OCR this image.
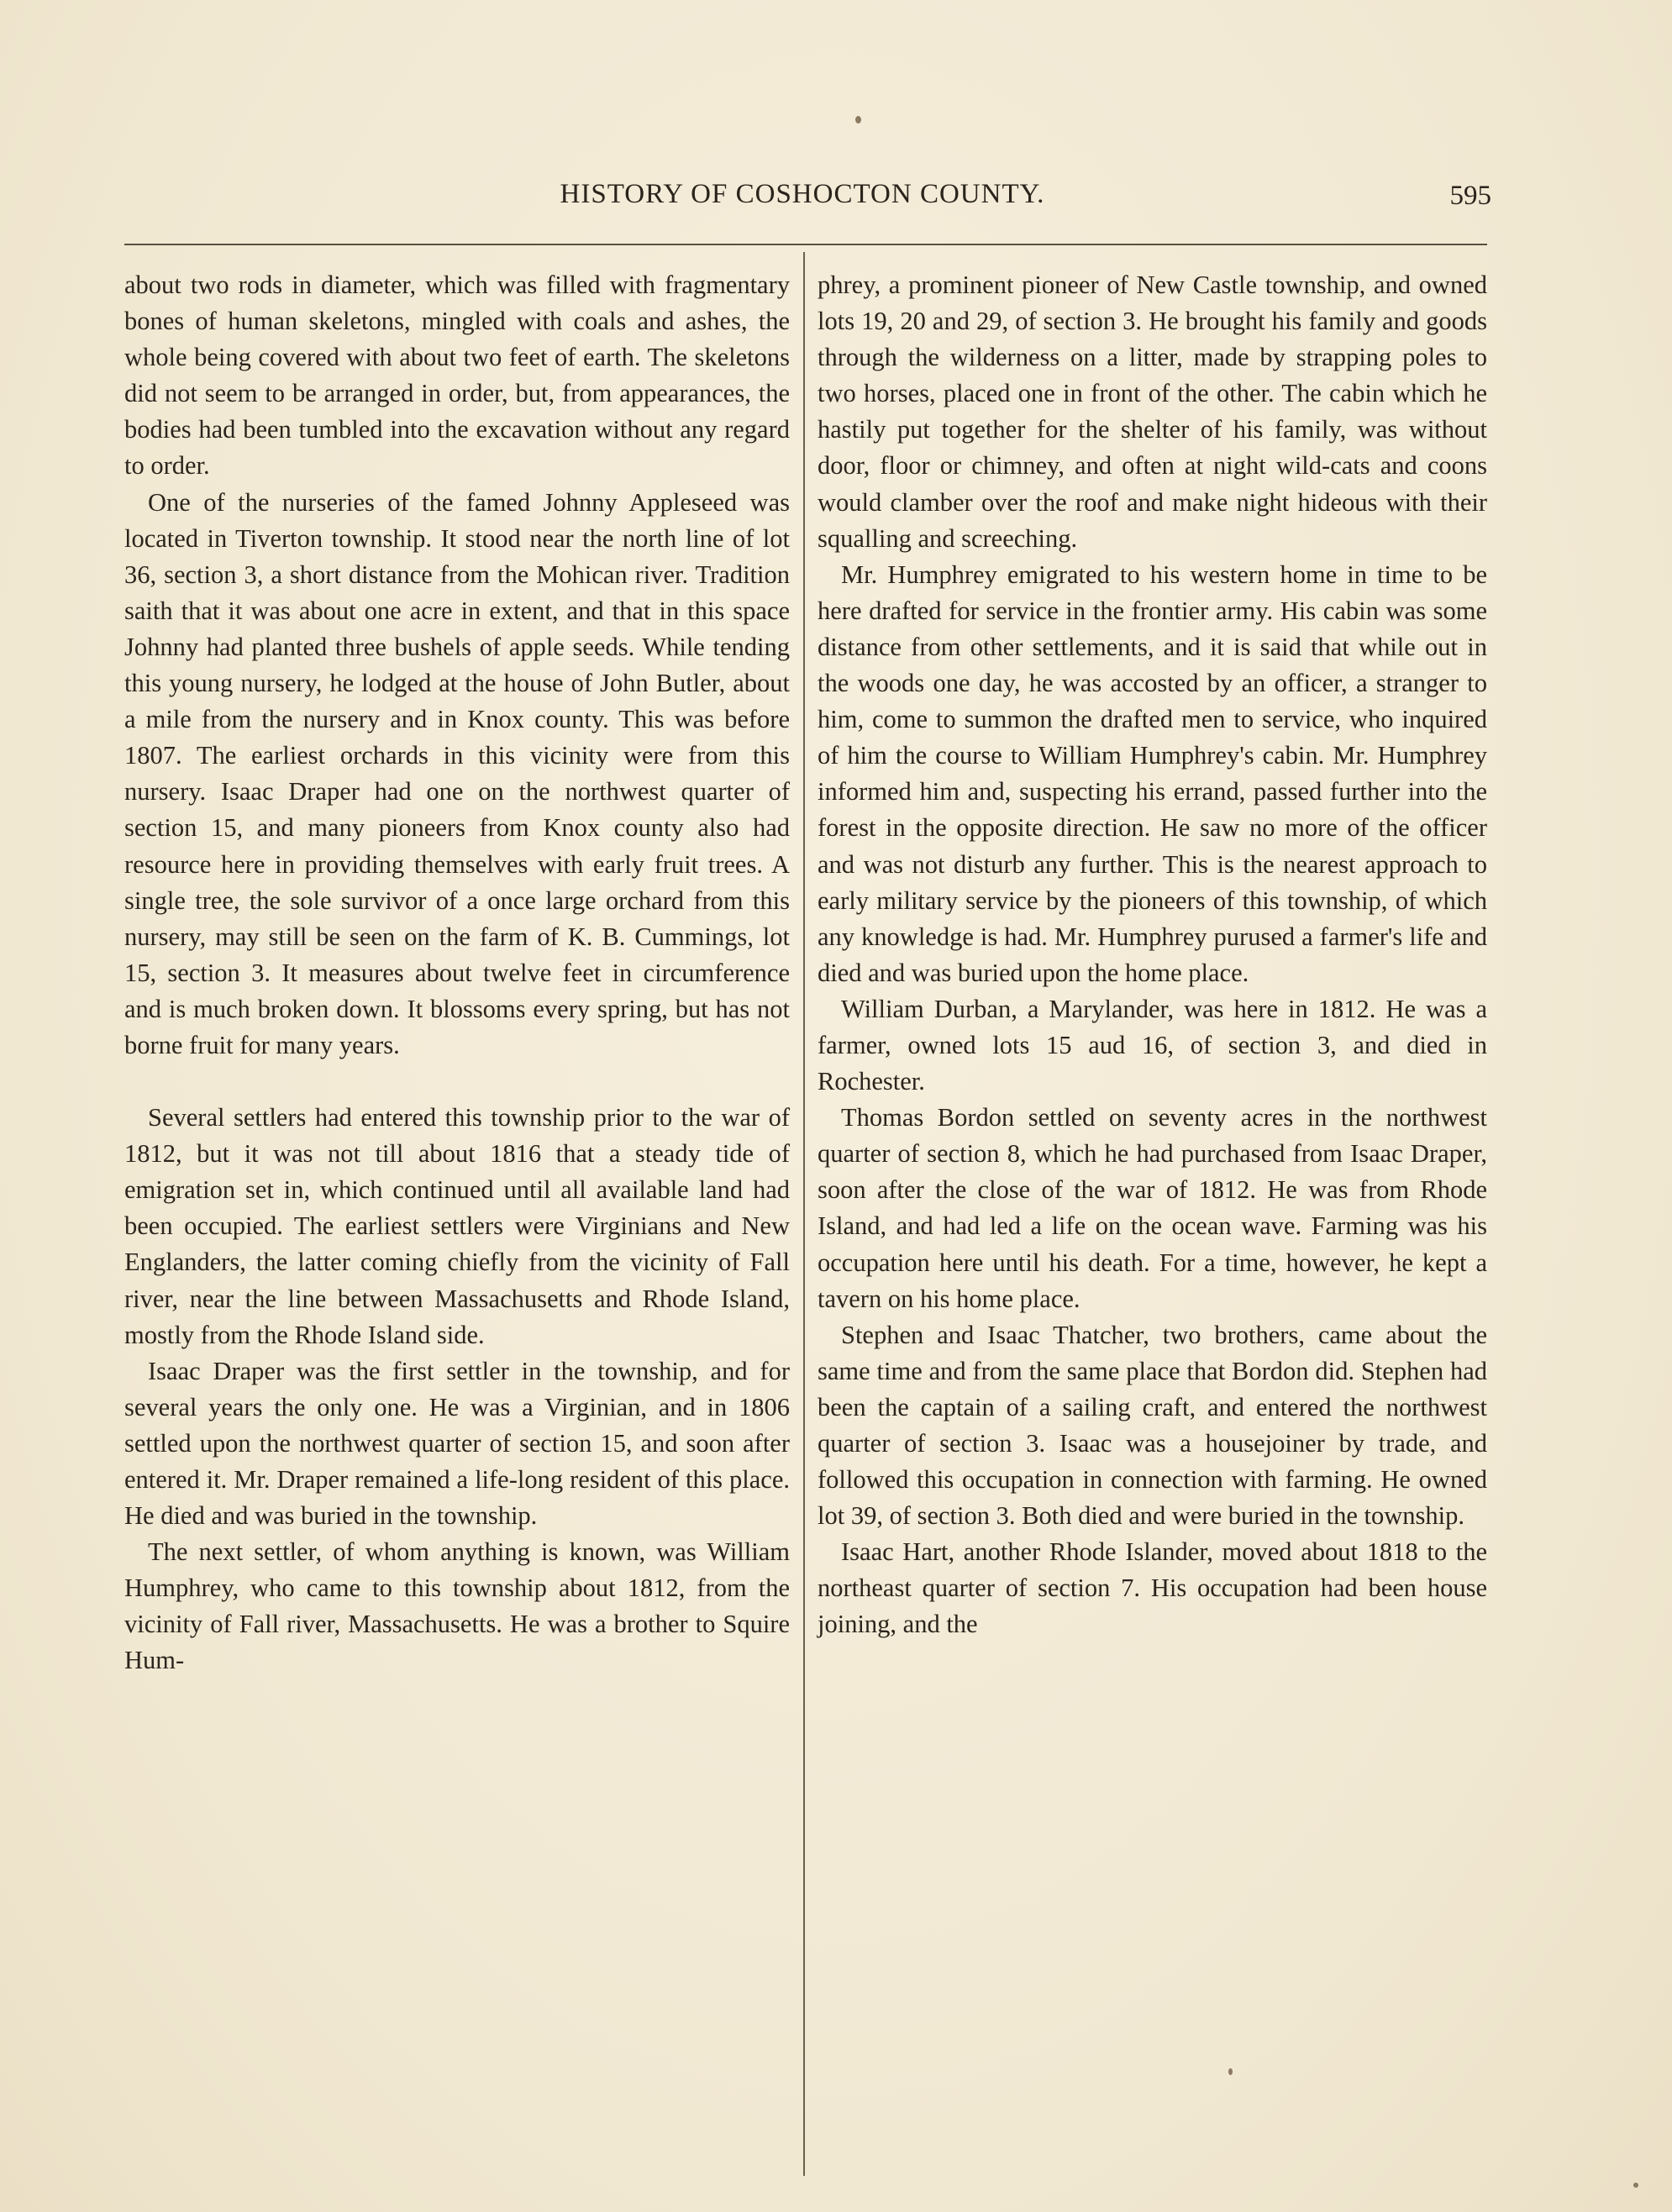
HISTORY OF COSHOCTON COUNTY.	595

about two rods in diameter, which was filled with fragmentary bones of human skeletons, mingled with coals and ashes, the whole being covered with about two feet of earth. The skeletons did not seem to be arranged in order, but, from appearances, the bodies had been tumbled into the excavation without any regard to order.

One of the nurseries of the famed Johnny Appleseed was located in Tiverton township. It stood near the north line of lot 36, section 3, a short distance from the Mohican river. Tradition saith that it was about one acre in extent, and that in this space Johnny had planted three bushels of apple seeds. While tending this young nursery, he lodged at the house of John Butler, about a mile from the nursery and in Knox county. This was before 1807. The earliest orchards in this vicinity were from this nursery. Isaac Draper had one on the northwest quarter of section 15, and many pioneers from Knox county also had resource here in providing themselves with early fruit trees. A single tree, the sole survivor of a once large orchard from this nursery, may still be seen on the farm of K. B. Cummings, lot 15, section 3. It measures about twelve feet in circumference and is much broken down. It blossoms every spring, but has not borne fruit for many years.

Several settlers had entered this township prior to the war of 1812, but it was not till about 1816 that a steady tide of emigration set in, which continued until all available land had been occupied. The earliest settlers were Virginians and New Englanders, the latter coming chiefly from the vicinity of Fall river, near the line between Massachusetts and Rhode Island, mostly from the Rhode Island side.

Isaac Draper was the first settler in the township, and for several years the only one. He was a Virginian, and in 1806 settled upon the northwest quarter of section 15, and soon after entered it. Mr. Draper remained a life-long resident of this place. He died and was buried in the township.

The next settler, of whom anything is known, was William Humphrey, who came to this township about 1812, from the vicinity of Fall river, Massachusetts. He was a brother to Squire Hum-

phrey, a prominent pioneer of New Castle township, and owned lots 19, 20 and 29, of section 3. He brought his family and goods through the wilderness on a litter, made by strapping poles to two horses, placed one in front of the other. The cabin which he hastily put together for the shelter of his family, was without door, floor or chimney, and often at night wild-cats and coons would clamber over the roof and make night hideous with their squalling and screeching.

Mr. Humphrey emigrated to his western home in time to be here drafted for service in the frontier army. His cabin was some distance from other settlements, and it is said that while out in the woods one day, he was accosted by an officer, a stranger to him, come to summon the drafted men to service, who inquired of him the course to William Humphrey's cabin. Mr. Humphrey informed him and, suspecting his errand, passed further into the forest in the opposite direction. He saw no more of the officer and was not disturb any further. This is the nearest approach to early military service by the pioneers of this township, of which any knowledge is had. Mr. Humphrey purused a farmer's life and died and was buried upon the home place.

William Durban, a Marylander, was here in 1812. He was a farmer, owned lots 15 aud 16, of section 3, and died in Rochester.

Thomas Bordon settled on seventy acres in the northwest quarter of section 8, which he had purchased from Isaac Draper, soon after the close of the war of 1812. He was from Rhode Island, and had led a life on the ocean wave. Farming was his occupation here until his death. For a time, however, he kept a tavern on his home place.

Stephen and Isaac Thatcher, two brothers, came about the same time and from the same place that Bordon did. Stephen had been the captain of a sailing craft, and entered the northwest quarter of section 3. Isaac was a housejoiner by trade, and followed this occupation in connection with farming. He owned lot 39, of section 3. Both died and were buried in the township.

Isaac Hart, another Rhode Islander, moved about 1818 to the northeast quarter of section 7. His occupation had been house joining, and the
